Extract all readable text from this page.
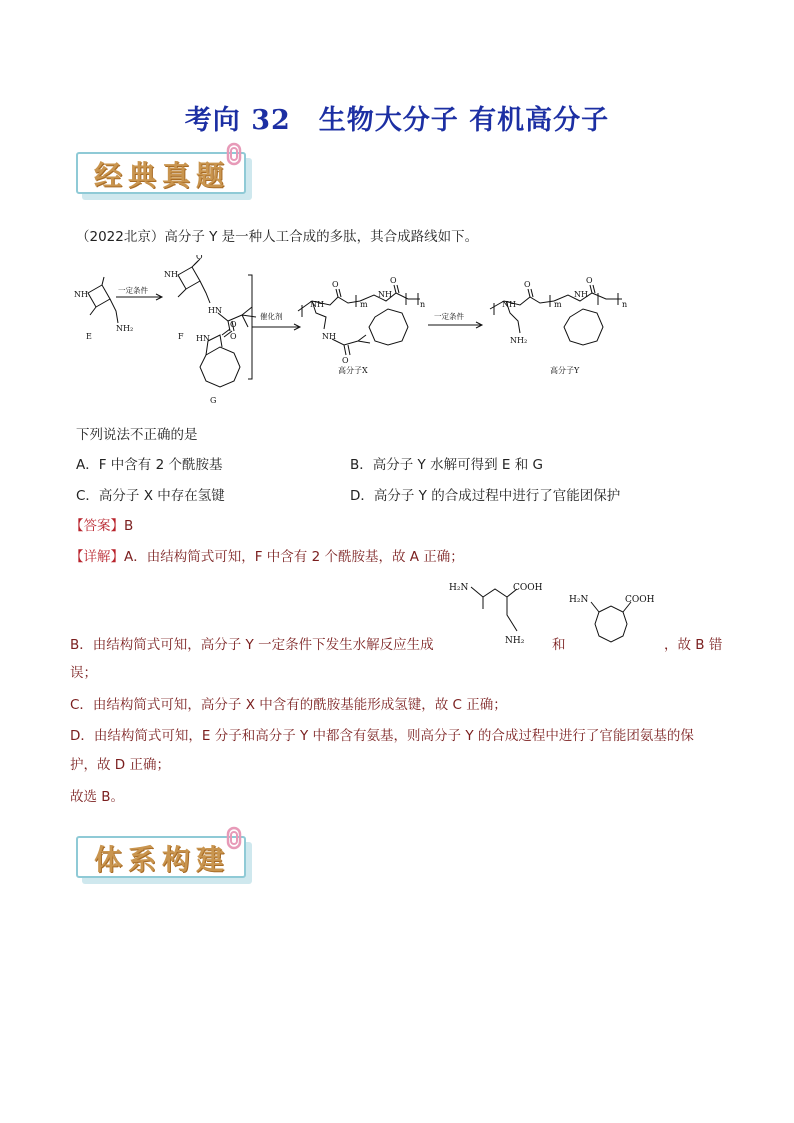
考向 32 生物大分子 有机高分子
经典真题

（2022北京）高分子 Y 是一种人工合成的多肽，其合成路线如下。

NH
NH₂
E
NH
O
HN
O
F HN
O
G
催化剂
一定条件
NH
O
m
NH
O
NH
O
n
高分子X
一定条件
NH
O
m
NH₂
NH
O
n
高分子Y

下列说法不正确的是

A．F 中含有 2 个酰胺基	B．高分子 Y 水解可得到 E 和 G

C．高分子 X 中存在氢键	D．高分子 Y 的合成过程中进行了官能团保护

【答案】B

【详解】A．由结构简式可知，F 中含有 2 个酰胺基，故 A 正确；

H₂N	COOH
NH₂
H₂N	COOH

B．由结构简式可知，高分子 Y 一定条件下发生水解反应生成	和	，故 B 错

误；

C．由结构简式可知，高分子 X 中含有的酰胺基能形成氢键，故 C 正确；

D．由结构简式可知，E 分子和高分子 Y 中都含有氨基，则高分子 Y 的合成过程中进行了官能团氨基的保

护，故 D 正确；

故选 B。

体系构建
